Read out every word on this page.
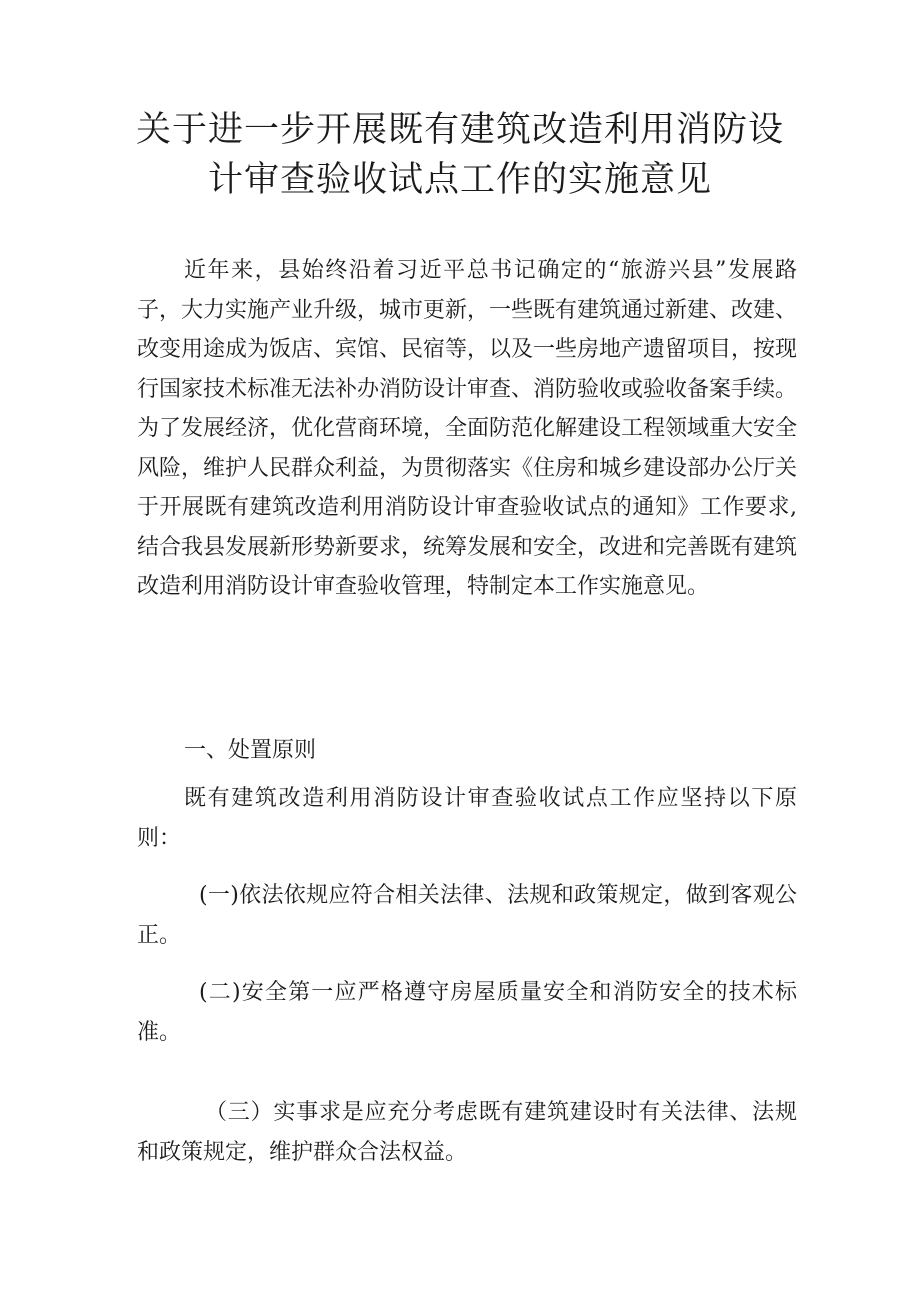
关于进一步开展既有建筑改造利用消防设
计审查验收试点工作的实施意见

近年来，县始终沿着习近平总书记确定的“旅游兴县”发展路子，大力实施产业升级，城市更新，一些既有建筑通过新建、改建、改变用途成为饭店、宾馆、民宿等，以及一些房地产遗留项目，按现行国家技术标准无法补办消防设计审查、消防验收或验收备案手续。为了发展经济，优化营商环境，全面防范化解建设工程领域重大安全风险，维护人民群众利益，为贯彻落实《住房和城乡建设部办公厅关于开展既有建筑改造利用消防设计审查验收试点的通知》工作要求,结合我县发展新形势新要求，统筹发展和安全，改进和完善既有建筑改造利用消防设计审查验收管理，特制定本工作实施意见。

一、处置原则

既有建筑改造利用消防设计审查验收试点工作应坚持以下原则：

(一)依法依规应符合相关法律、法规和政策规定，做到客观公正。

(二)安全第一应严格遵守房屋质量安全和消防安全的技术标准。

（三）实事求是应充分考虑既有建筑建设时有关法律、法规和政策规定，维护群众合法权益。
